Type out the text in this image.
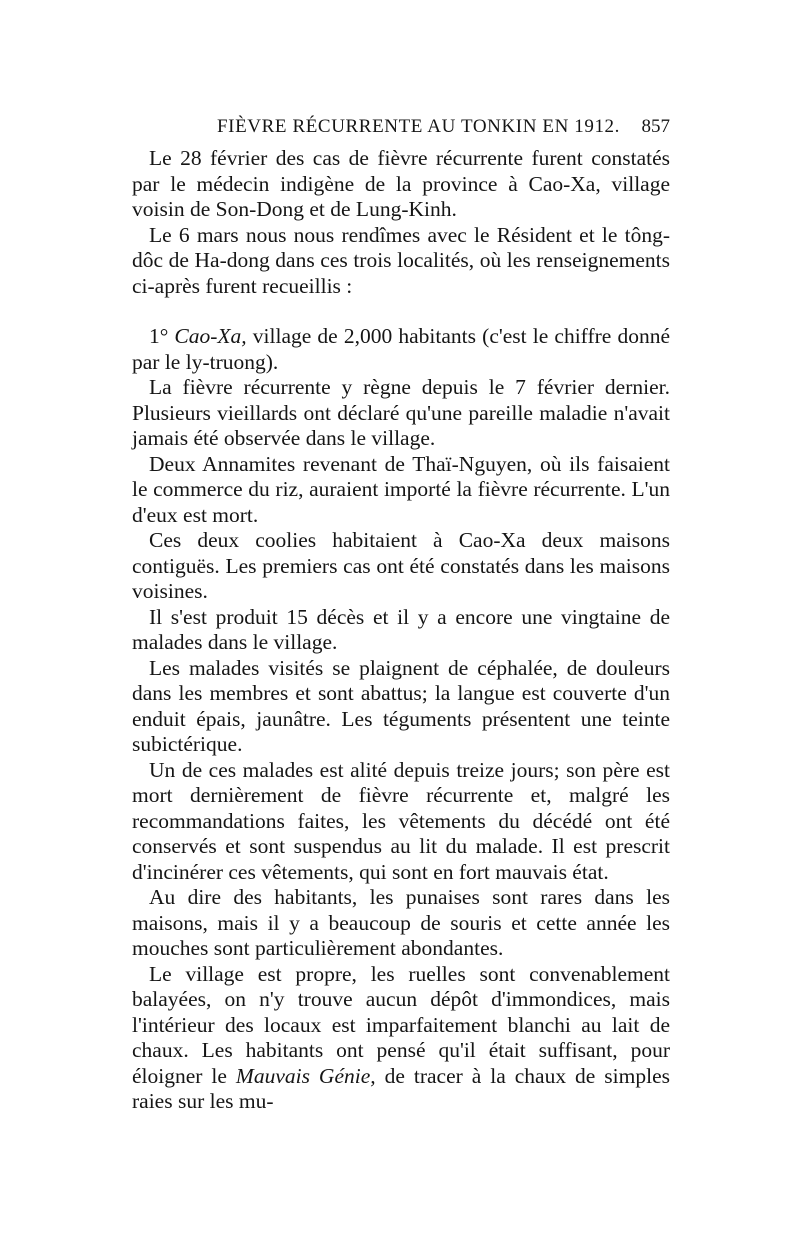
FIÈVRE RÉCURRENTE AU TONKIN EN 1912. 857

Le 28 février des cas de fièvre récurrente furent constatés par le médecin indigène de la province à Cao-Xa, village voisin de Son-Dong et de Lung-Kinh.

Le 6 mars nous nous rendîmes avec le Résident et le tông-dôc de Ha-dong dans ces trois localités, où les renseignements ci-après furent recueillis :

1° Cao-Xa, village de 2,000 habitants (c'est le chiffre donné par le ly-truong).

La fièvre récurrente y règne depuis le 7 février dernier. Plusieurs vieillards ont déclaré qu'une pareille maladie n'avait jamais été observée dans le village.

Deux Annamites revenant de Thaï-Nguyen, où ils faisaient le commerce du riz, auraient importé la fièvre récurrente. L'un d'eux est mort.

Ces deux coolies habitaient à Cao-Xa deux maisons contiguës. Les premiers cas ont été constatés dans les maisons voisines.

Il s'est produit 15 décès et il y a encore une vingtaine de malades dans le village.

Les malades visités se plaignent de céphalée, de douleurs dans les membres et sont abattus; la langue est couverte d'un enduit épais, jaunâtre. Les téguments présentent une teinte subictérique.

Un de ces malades est alité depuis treize jours; son père est mort dernièrement de fièvre récurrente et, malgré les recommandations faites, les vêtements du décédé ont été conservés et sont suspendus au lit du malade. Il est prescrit d'incinérer ces vêtements, qui sont en fort mauvais état.

Au dire des habitants, les punaises sont rares dans les maisons, mais il y a beaucoup de souris et cette année les mouches sont particulièrement abondantes.

Le village est propre, les ruelles sont convenablement balayées, on n'y trouve aucun dépôt d'immondices, mais l'intérieur des locaux est imparfaitement blanchi au lait de chaux. Les habitants ont pensé qu'il était suffisant, pour éloigner le Mauvais Génie, de tracer à la chaux de simples raies sur les mu-
